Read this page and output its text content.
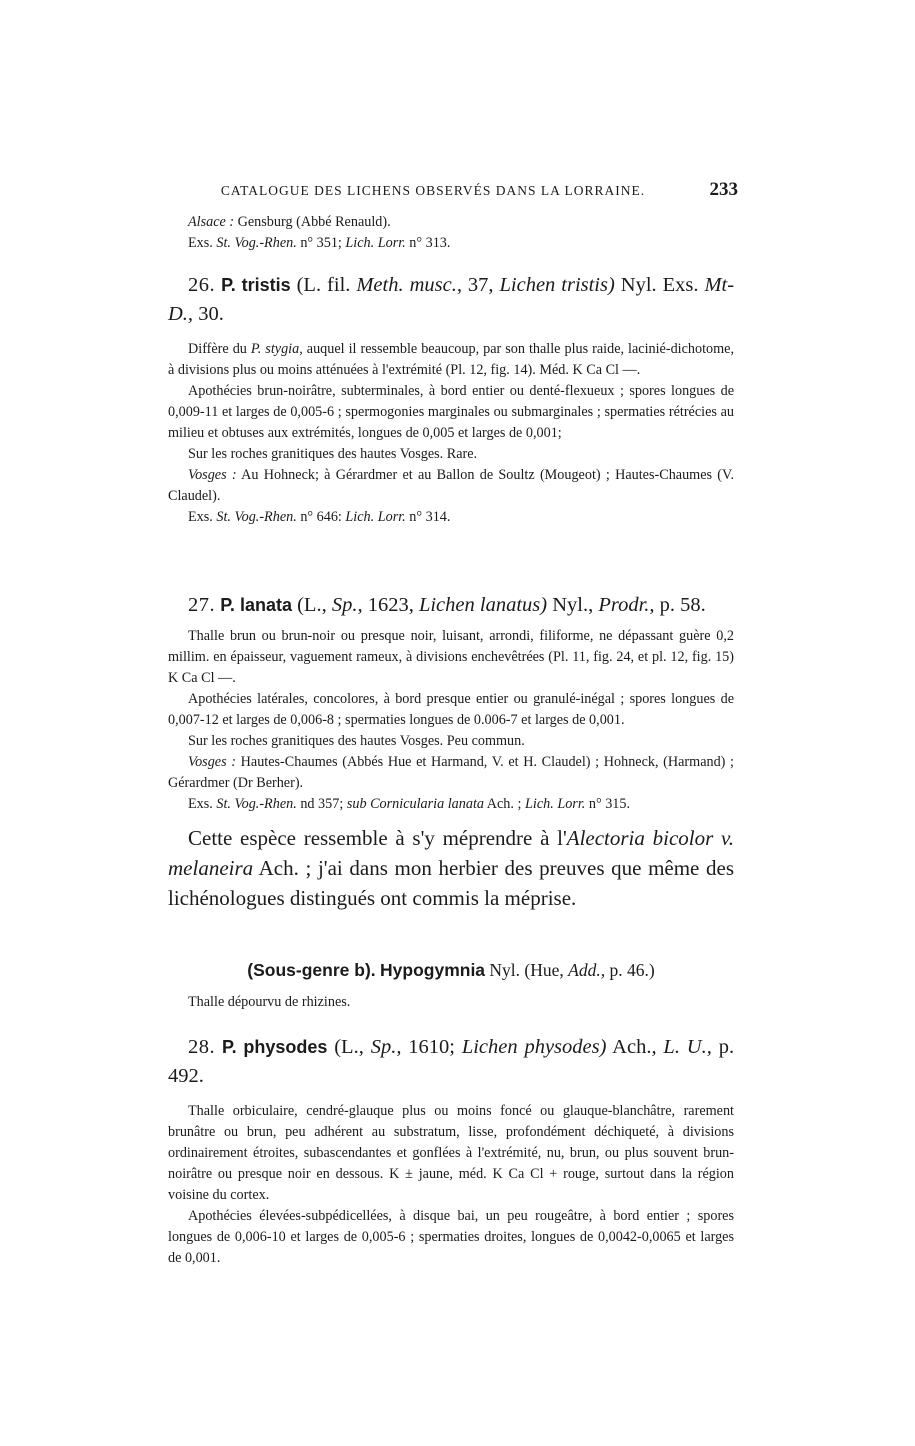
CATALOGUE DES LICHENS OBSERVÉS DANS LA LORRAINE.	233

Alsace : Gensburg (Abbé Renauld).

Exs. St. Vog.-Rhen. n° 351; Lich. Lorr. n° 313.

26. P. tristis (L. fil. Meth. musc., 37, Lichen tristis) Nyl. Exs. Mt-D., 30.

Diffère du P. stygia, auquel il ressemble beaucoup, par son thalle plus raide, lacinié-dichotome, à divisions plus ou moins atténuées à l'extrémité (Pl. 12, fig. 14). Méd. K Ca Cl —.

Apothécies brun-noirâtre, subterminales, à bord entier ou denté-flexueux ; spores longues de 0,009-11 et larges de 0,005-6 ; spermogonies marginales ou submarginales ; spermaties rétrécies au milieu et obtuses aux extrémités, longues de 0,005 et larges de 0,001;

Sur les roches granitiques des hautes Vosges. Rare.

Vosges : Au Hohneck; à Gérardmer et au Ballon de Soultz (Mougeot) ; Hautes-Chaumes (V. Claudel).

Exs. St. Vog.-Rhen. n° 646: Lich. Lorr. n° 314.

27. P. lanata (L., Sp., 1623, Lichen lanatus) Nyl., Prodr., p. 58.

Thalle brun ou brun-noir ou presque noir, luisant, arrondi, filiforme, ne dépassant guère 0,2 millim. en épaisseur, vaguement rameux, à divisions enchevêtrées (Pl. 11, fig. 24, et pl. 12, fig. 15) K Ca Cl —.

Apothécies latérales, concolores, à bord presque entier ou granulé-inégal ; spores longues de 0,007-12 et larges de 0,006-8 ; spermaties longues de 0.006-7 et larges de 0,001.

Sur les roches granitiques des hautes Vosges. Peu commun.

Vosges : Hautes-Chaumes (Abbés Hue et Harmand, V. et H. Claudel) ; Hohneck, (Harmand) ; Gérardmer (Dr Berher).

Exs. St. Vog.-Rhen. nd 357; sub Cornicularia lanata Ach. ; Lich. Lorr. n° 315.

Cette espèce ressemble à s'y méprendre à l'Alectoria bicolor v. melaneira Ach. ; j'ai dans mon herbier des preuves que même des lichénologues distingués ont commis la méprise.

(Sous-genre b). Hypogymnia Nyl. (Hue, Add., p. 46.)

Thalle dépourvu de rhizines.

28. P. physodes (L., Sp., 1610; Lichen physodes) Ach., L. U., p. 492.

Thalle orbiculaire, cendré-glauque plus ou moins foncé ou glauque-blanchâtre, rarement brunâtre ou brun, peu adhérent au substratum, lisse, profondément déchiqueté, à divisions ordinairement étroites, subascendantes et gonflées à l'extrémité, nu, brun, ou plus souvent brun-noirâtre ou presque noir en dessous. K ± jaune, méd. K Ca Cl + rouge, surtout dans la région voisine du cortex.

Apothécies élevées-subpédicellées, à disque bai, un peu rougeâtre, à bord entier ; spores longues de 0,006-10 et larges de 0,005-6 ; spermaties droites, longues de 0,0042-0,0065 et larges de 0,001.
